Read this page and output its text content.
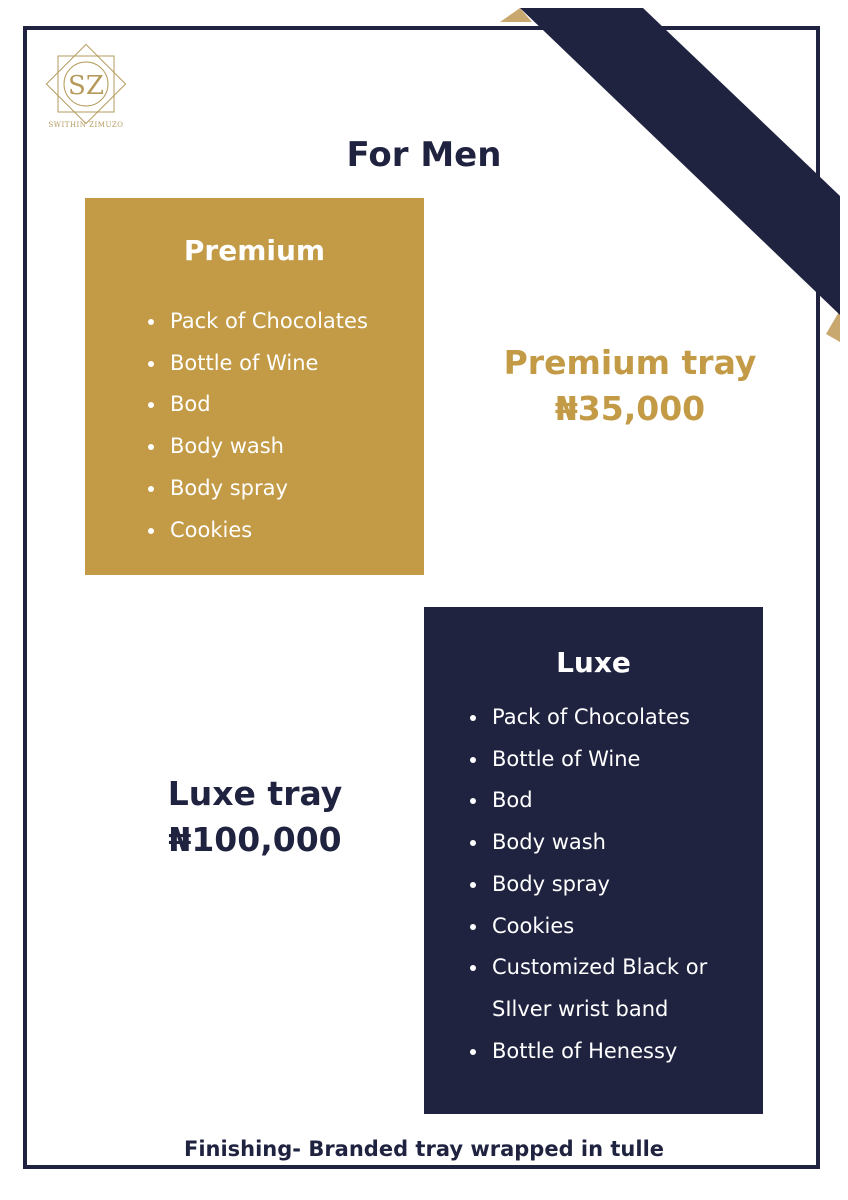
SZ
SWITHIN ZIMUZO
For Men
Premium
Pack of Chocolates
Bottle of Wine
Bod
Body wash
Body spray
Cookies
Premium tray
₦35,000
Luxe
Pack of Chocolates
Bottle of Wine
Bod
Body wash
Body spray
Cookies
Customized Black or
SIlver wrist band
Bottle of Henessy
Luxe tray
₦100,000
Finishing- Branded tray wrapped in tulle
